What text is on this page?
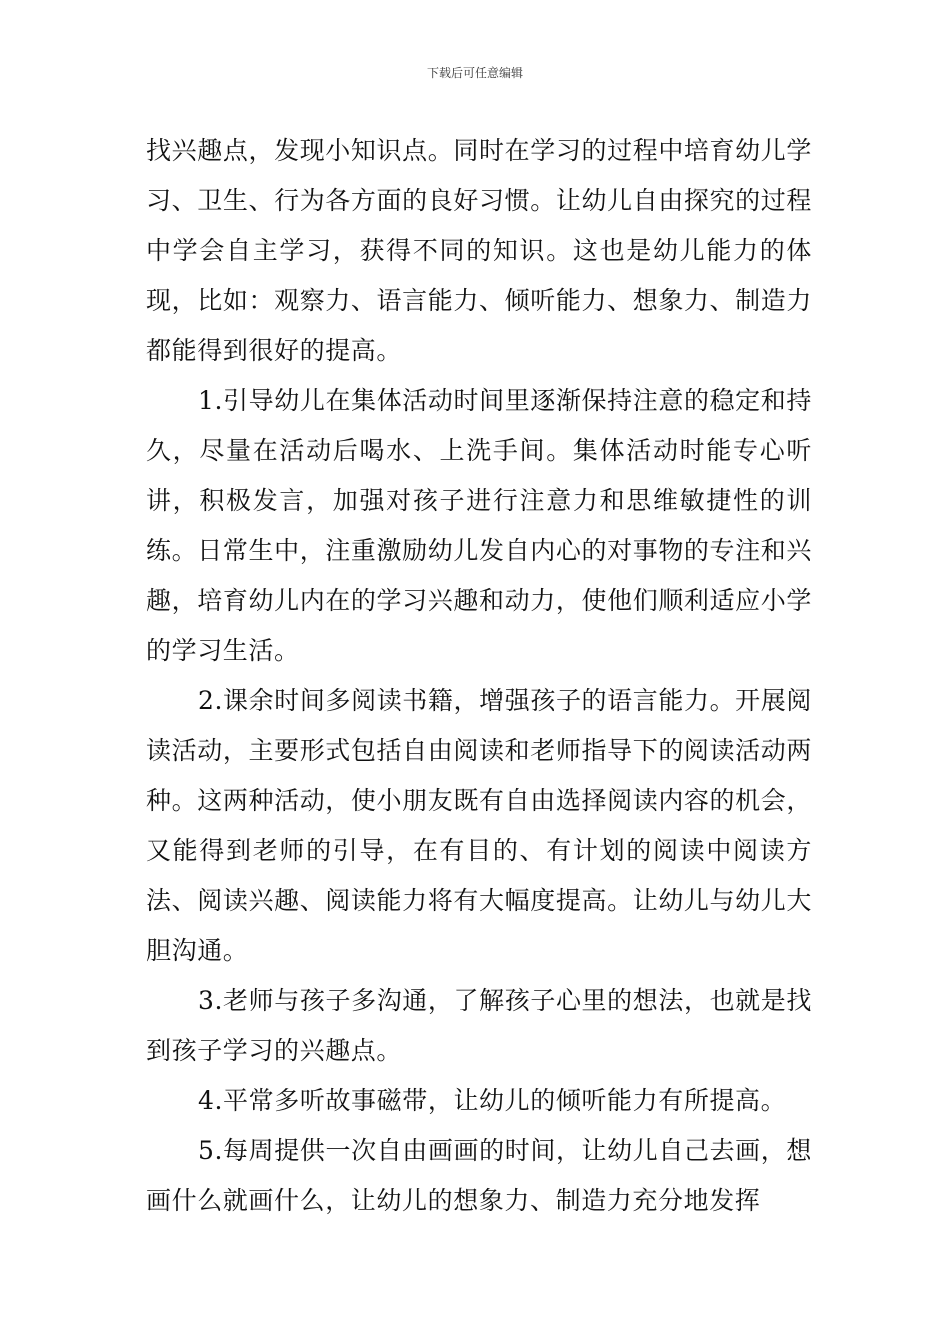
下载后可任意编辑

找兴趣点，发现小知识点。同时在学习的过程中培育幼儿学习、卫生、行为各方面的良好习惯。让幼儿自由探究的过程中学会自主学习，获得不同的知识。这也是幼儿能力的体现，比如：观察力、语言能力、倾听能力、想象力、制造力都能得到很好的提高。

1.引导幼儿在集体活动时间里逐渐保持注意的稳定和持久，尽量在活动后喝水、上洗手间。集体活动时能专心听讲，积极发言，加强对孩子进行注意力和思维敏捷性的训练。日常生中，注重激励幼儿发自内心的对事物的专注和兴趣，培育幼儿内在的学习兴趣和动力，使他们顺利适应小学的学习生活。

2.课余时间多阅读书籍，增强孩子的语言能力。开展阅读活动，主要形式包括自由阅读和老师指导下的阅读活动两种。这两种活动，使小朋友既有自由选择阅读内容的机会，又能得到老师的引导，在有目的、有计划的阅读中阅读方法、阅读兴趣、阅读能力将有大幅度提高。让幼儿与幼儿大胆沟通。

3.老师与孩子多沟通，了解孩子心里的想法，也就是找到孩子学习的兴趣点。

4.平常多听故事磁带，让幼儿的倾听能力有所提高。

5.每周提供一次自由画画的时间，让幼儿自己去画，想画什么就画什么，让幼儿的想象力、制造力充分地发挥
